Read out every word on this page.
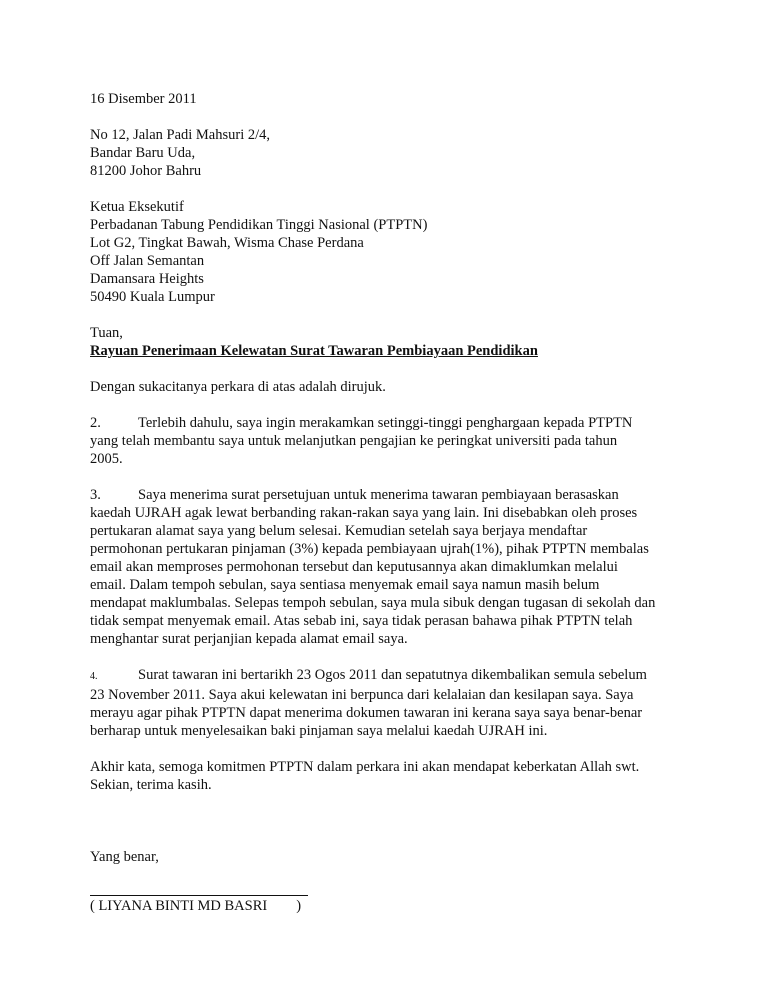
16 Disember 2011
No 12, Jalan Padi Mahsuri 2/4,
Bandar Baru Uda,
81200 Johor Bahru
Ketua Eksekutif
Perbadanan Tabung Pendidikan Tinggi Nasional (PTPTN)
Lot G2, Tingkat Bawah, Wisma Chase Perdana
Off Jalan Semantan
Damansara Heights
50490 Kuala Lumpur
Tuan,
Rayuan Penerimaan Kelewatan Surat Tawaran Pembiayaan Pendidikan
Dengan sukacitanya perkara di atas adalah dirujuk.
2.	Terlebih dahulu, saya ingin merakamkan setinggi-tinggi penghargaan kepada PTPTN
yang telah membantu saya untuk melanjutkan pengajian ke peringkat universiti pada tahun
2005.
3.	Saya menerima surat persetujuan untuk menerima tawaran pembiayaan berasaskan
kaedah UJRAH agak lewat berbanding rakan-rakan saya yang lain. Ini disebabkan oleh proses
pertukaran alamat saya yang belum selesai. Kemudian setelah saya berjaya mendaftar
permohonan pertukaran pinjaman (3%) kepada pembiayaan ujrah(1%), pihak PTPTN membalas
email akan memproses permohonan tersebut dan keputusannya akan dimaklumkan melalui
email. Dalam tempoh sebulan, saya sentiasa menyemak email saya namun masih belum
mendapat maklumbalas. Selepas tempoh sebulan, saya mula sibuk dengan tugasan di sekolah dan
tidak sempat menyemak email. Atas sebab ini, saya tidak perasan bahawa pihak PTPTN telah
menghantar surat perjanjian kepada alamat email saya.
4.	Surat tawaran ini bertarikh 23 Ogos 2011 dan sepatutnya dikembalikan semula sebelum
23 November 2011. Saya akui kelewatan ini berpunca dari kelalaian dan kesilapan saya. Saya
merayu agar pihak PTPTN dapat menerima dokumen tawaran ini kerana saya saya benar-benar
berharap untuk menyelesaikan baki pinjaman saya melalui kaedah UJRAH ini.
Akhir kata, semoga komitmen PTPTN dalam perkara ini akan mendapat keberkatan Allah swt.
Sekian, terima kasih.
Yang benar,
( LIYANA BINTI MD BASRI        )
